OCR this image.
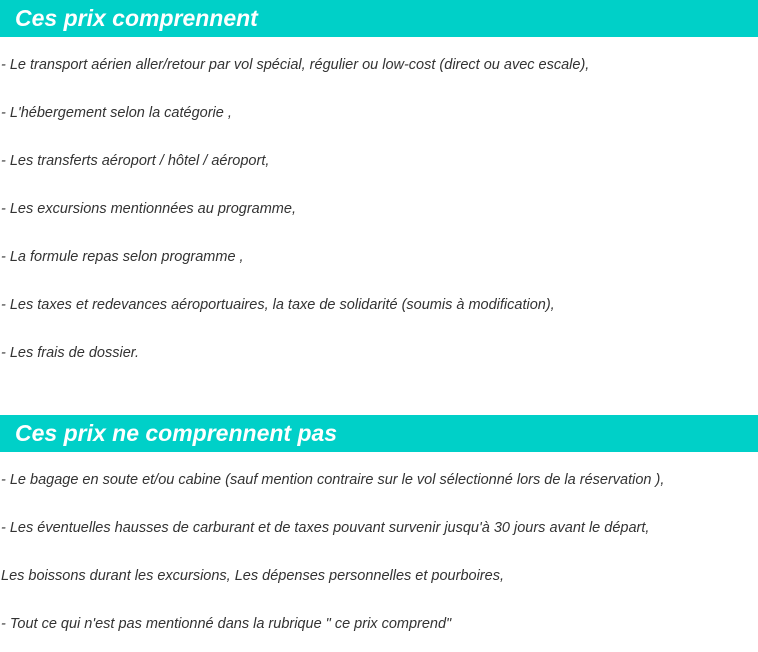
Ces prix comprennent
- Le transport aérien aller/retour par vol spécial, régulier ou low-cost (direct ou avec escale),
- L'hébergement selon la catégorie ,
- Les transferts aéroport / hôtel / aéroport,
- Les excursions mentionnées au programme,
- La formule repas selon programme ,
- Les taxes et redevances aéroportuaires, la taxe de solidarité (soumis à modification),
- Les frais de dossier.
Ces prix ne comprennent pas
- Le bagage en soute et/ou cabine (sauf mention contraire sur le vol sélectionné lors de la réservation ),
- Les éventuelles hausses de carburant et de taxes pouvant survenir jusqu'à 30 jours avant le départ,
Les boissons durant les excursions, Les dépenses personnelles et pourboires,
- Tout ce qui n'est pas mentionné dans la rubrique " ce prix comprend"
